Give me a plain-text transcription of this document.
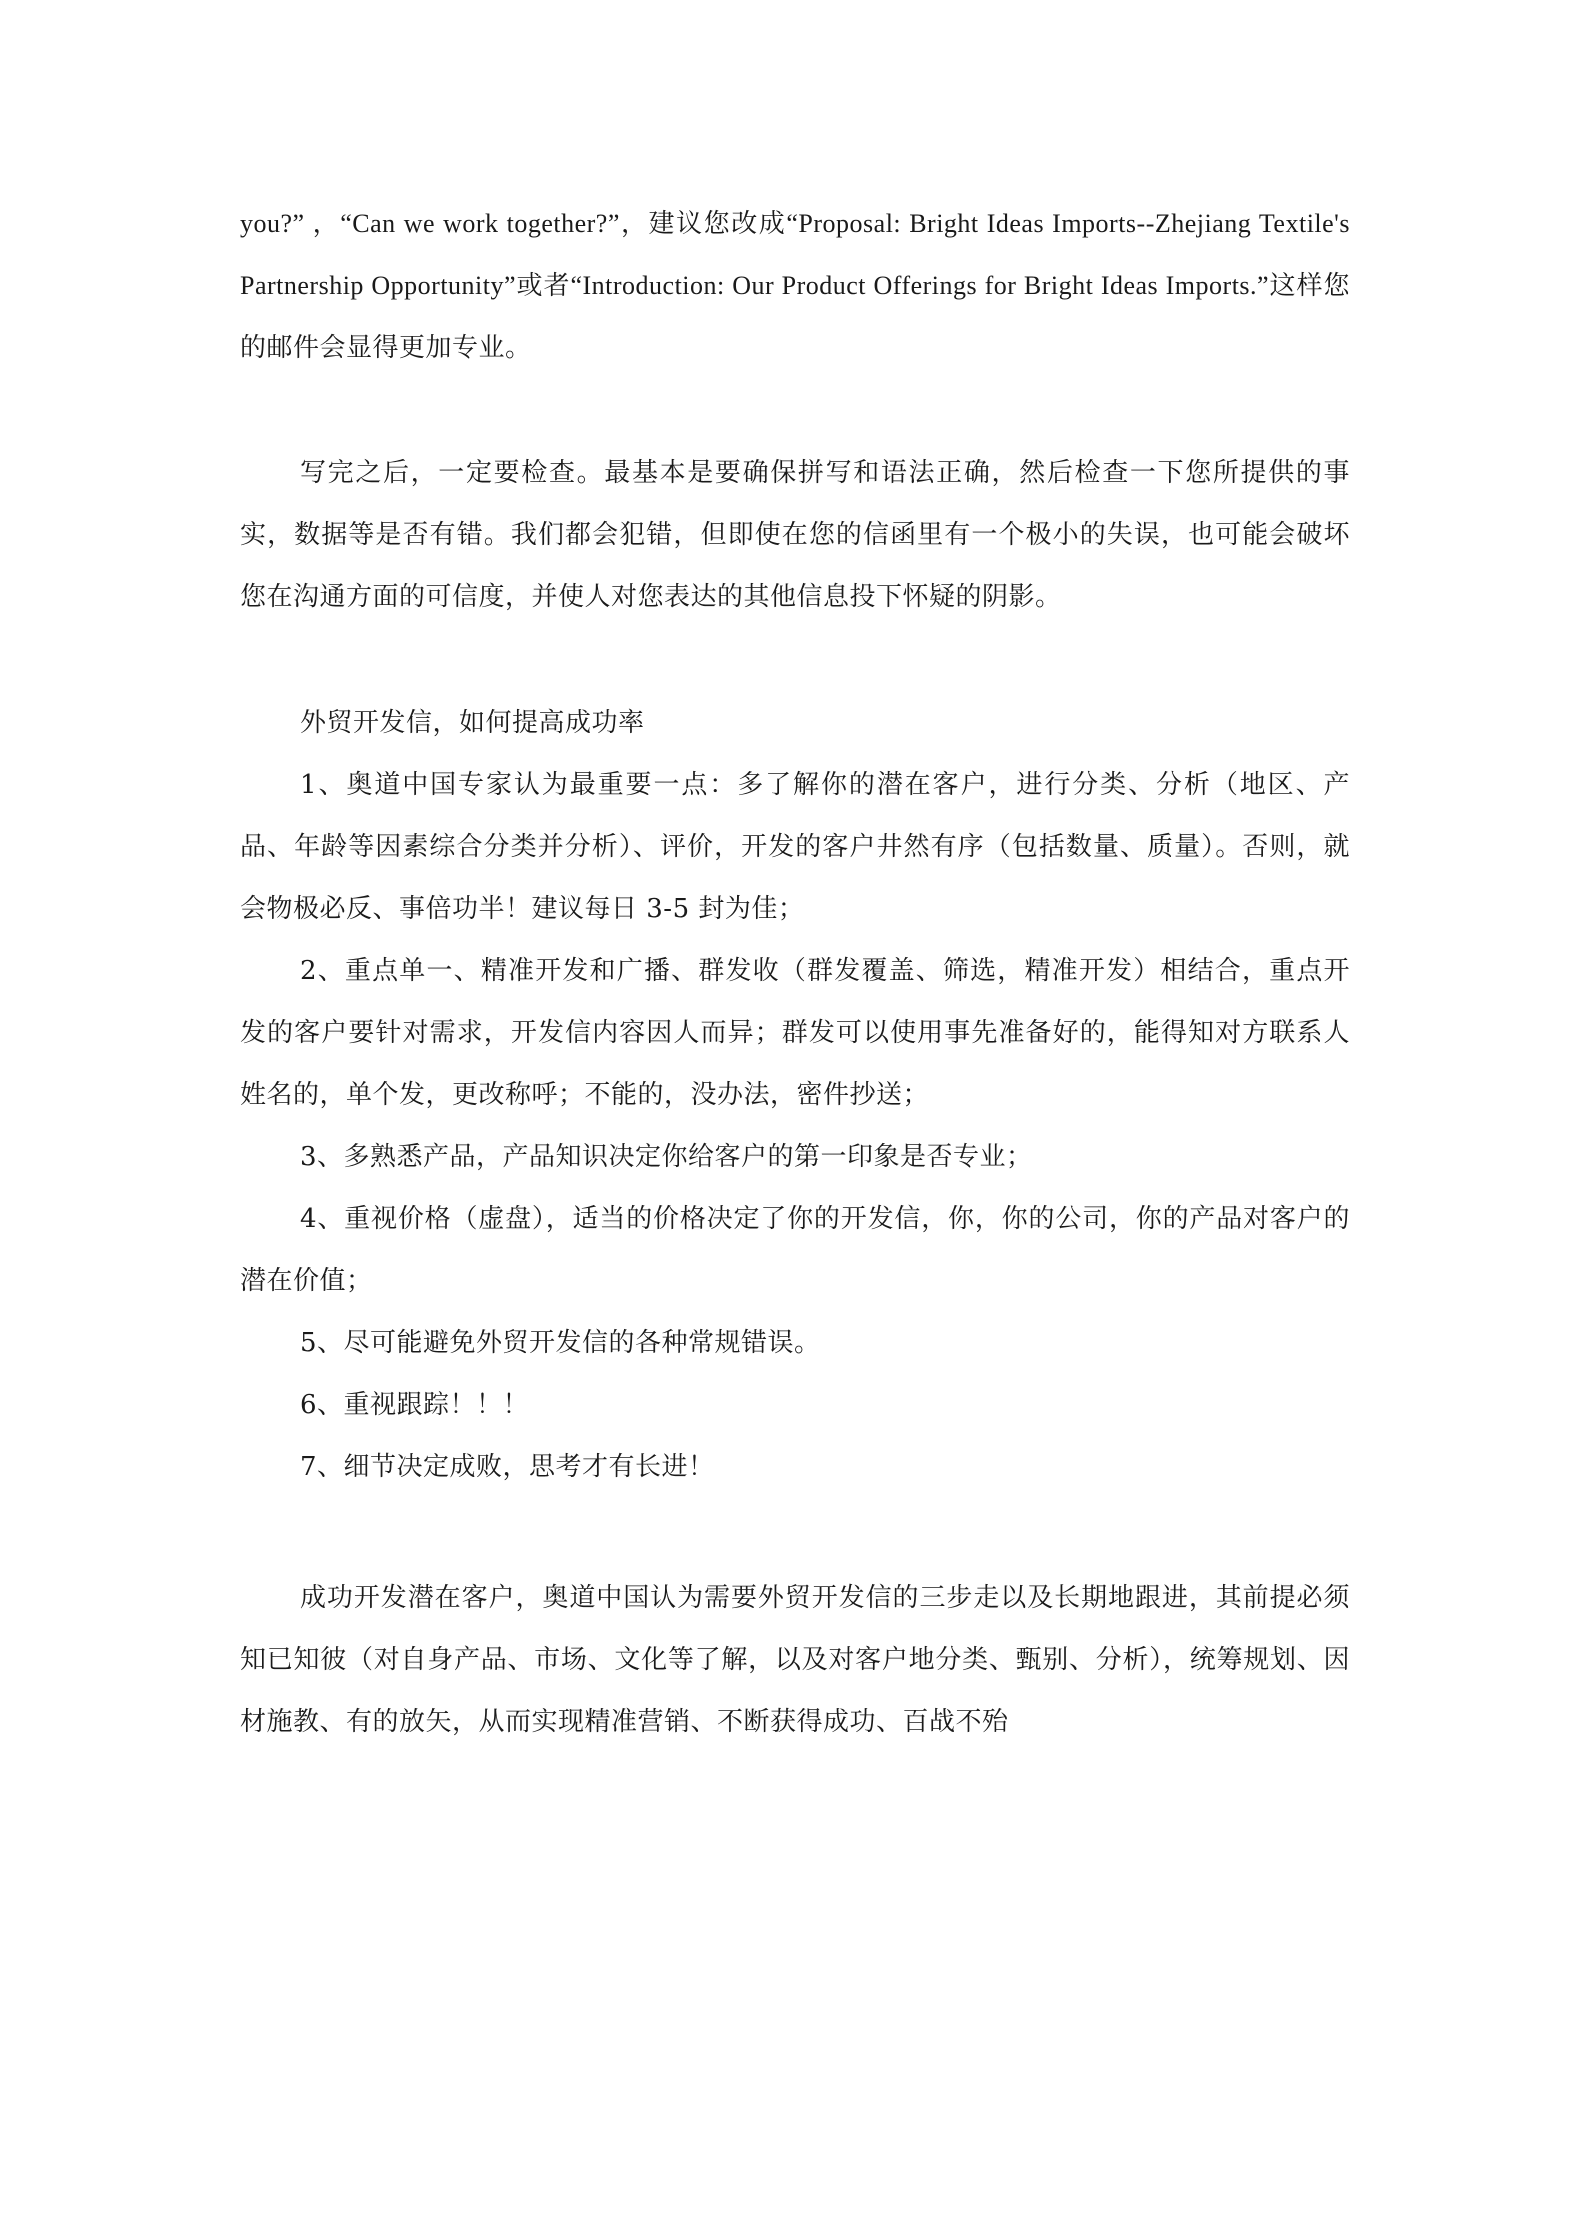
you?” ，“Can we work together?”，建议您改成“Proposal: Bright Ideas Imports--Zhejiang Textile's Partnership Opportunity”或者“Introduction: Our Product Offerings for Bright Ideas Imports.”这样您的邮件会显得更加专业。

写完之后，一定要检查。最基本是要确保拼写和语法正确，然后检查一下您所提供的事实，数据等是否有错。我们都会犯错，但即使在您的信函里有一个极小的失误，也可能会破坏您在沟通方面的可信度，并使人对您表达的其他信息投下怀疑的阴影。

外贸开发信，如何提高成功率

1、奥道中国专家认为最重要一点：多了解你的潜在客户，进行分类、分析（地区、产品、年龄等因素综合分类并分析）、评价，开发的客户井然有序（包括数量、质量）。否则，就会物极必反、事倍功半！建议每日 3-5 封为佳；

2、重点单一、精准开发和广播、群发收（群发覆盖、筛选，精准开发）相结合，重点开发的客户要针对需求，开发信内容因人而异；群发可以使用事先准备好的，能得知对方联系人姓名的，单个发，更改称呼；不能的，没办法，密件抄送；

3、多熟悉产品，产品知识决定你给客户的第一印象是否专业；

4、重视价格（虚盘），适当的价格决定了你的开发信，你，你的公司，你的产品对客户的潜在价值；

5、尽可能避免外贸开发信的各种常规错误。

6、重视跟踪！！！

7、细节决定成败，思考才有长进！

成功开发潜在客户，奥道中国认为需要外贸开发信的三步走以及长期地跟进，其前提必须知已知彼（对自身产品、市场、文化等了解，以及对客户地分类、甄别、分析），统筹规划、因材施教、有的放矢，从而实现精准营销、不断获得成功、百战不殆
